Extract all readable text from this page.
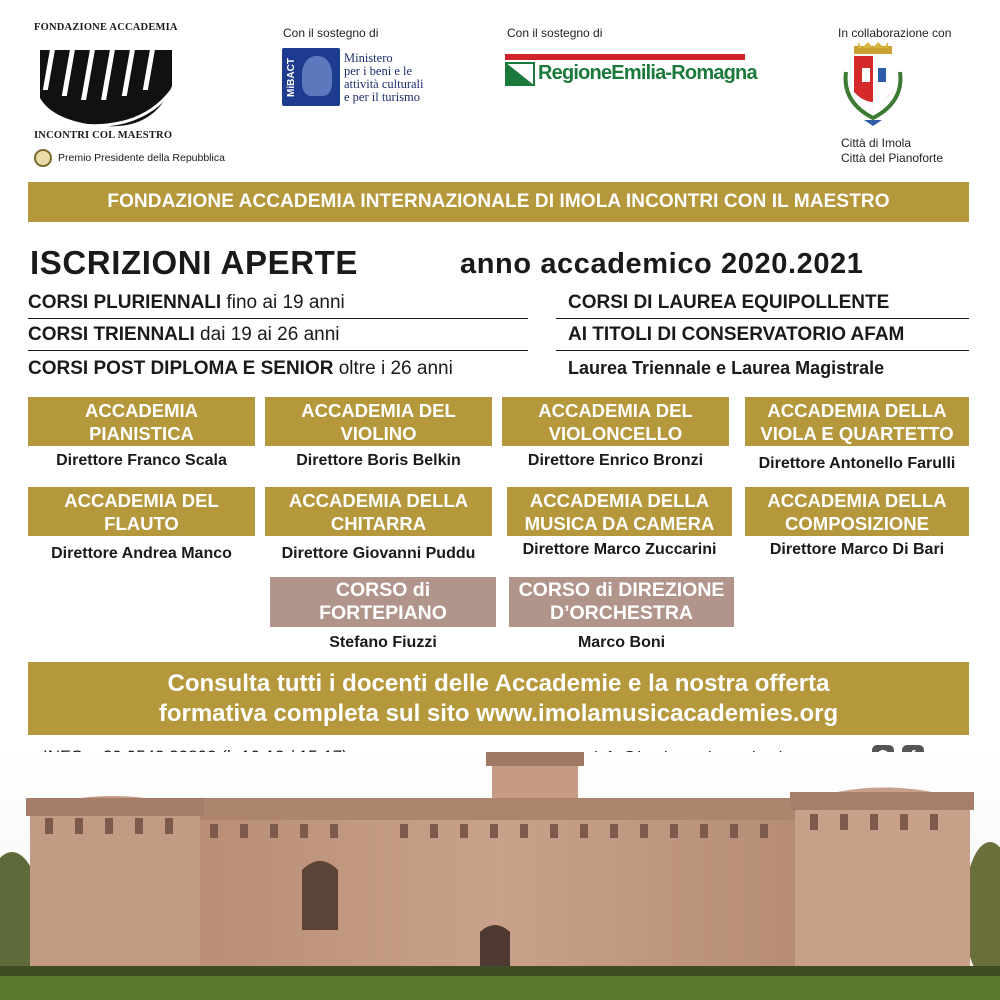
FONDAZIONE ACCADEMIA
INCONTRI COL MAESTRO
Premio Presidente della Repubblica
Con il sostegno di
MiBACT
Ministero
per i beni e le
attività culturali
e per il turismo
Con il sostegno di
RegioneEmilia-Romagna
In collaborazione con
Città di Imola
Città del Pianoforte
FONDAZIONE ACCADEMIA INTERNAZIONALE DI IMOLA INCONTRI CON IL MAESTRO
ISCRIZIONI APERTE	anno accademico 2020.2021
CORSI PLURIENNALI fino ai 19 anni
CORSI TRIENNALI dai 19 ai 26 anni
CORSI POST DIPLOMA E SENIOR oltre i 26 anni
CORSI DI LAUREA EQUIPOLLENTE
AI TITOLI DI CONSERVATORIO AFAM
Laurea Triennale e Laurea Magistrale
ACCADEMIA
PIANISTICA
Direttore Franco Scala
ACCADEMIA DEL
VIOLINO
Direttore Boris Belkin
ACCADEMIA DEL
VIOLONCELLO
Direttore Enrico Bronzi
ACCADEMIA DELLA
VIOLA E QUARTETTO
Direttore Antonello Farulli
ACCADEMIA DEL
FLAUTO
Direttore Andrea Manco
ACCADEMIA DELLA
CHITARRA
Direttore Giovanni Puddu
ACCADEMIA DELLA
MUSICA DA CAMERA
Direttore Marco Zuccarini
ACCADEMIA DELLA
COMPOSIZIONE
Direttore Marco Di Bari
CORSO di
FORTEPIANO
Stefano Fiuzzi
CORSO di DIREZIONE
D’ORCHESTRA
Marco Boni
Consulta tutti i docenti delle Accademie e la nostra offerta
formativa completa sul sito www.imolamusicacademies.org
